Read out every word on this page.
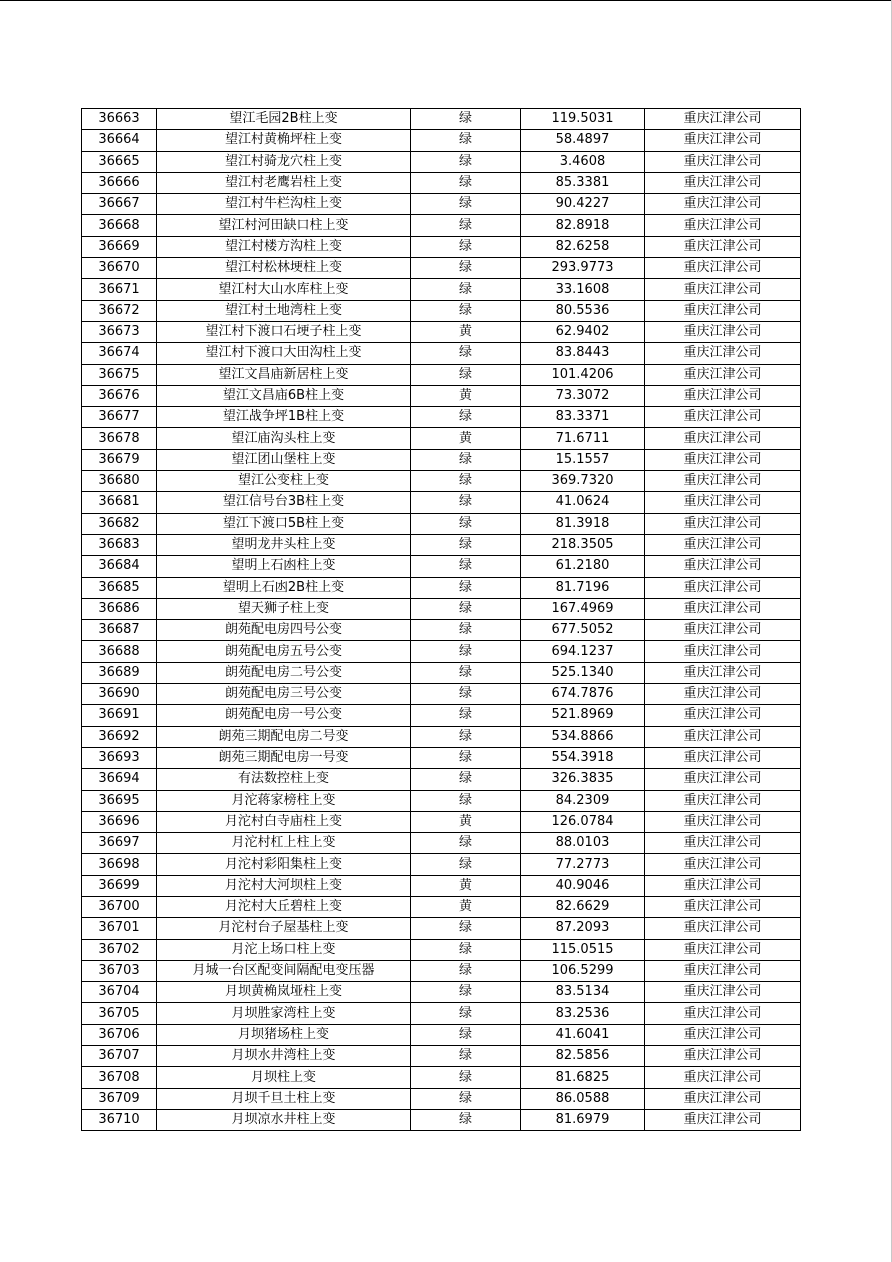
36663	望江毛园2B柱上变	绿	119.5031	重庆江津公司
36664	望江村黄桷坪柱上变	绿	58.4897	重庆江津公司
36665	望江村骑龙穴柱上变	绿	3.4608	重庆江津公司
36666	望江村老鹰岩柱上变	绿	85.3381	重庆江津公司
36667	望江村牛栏沟柱上变	绿	90.4227	重庆江津公司
36668	望江村河田缺口柱上变	绿	82.8918	重庆江津公司
36669	望江村楼方沟柱上变	绿	82.6258	重庆江津公司
36670	望江村松林埂柱上变	绿	293.9773	重庆江津公司
36671	望江村大山水库柱上变	绿	33.1608	重庆江津公司
36672	望江村土地湾柱上变	绿	80.5536	重庆江津公司
36673	望江村下渡口石埂子柱上变	黄	62.9402	重庆江津公司
36674	望江村下渡口大田沟柱上变	绿	83.8443	重庆江津公司
36675	望江文昌庙新居柱上变	绿	101.4206	重庆江津公司
36676	望江文昌庙6B柱上变	黄	73.3072	重庆江津公司
36677	望江战争坪1B柱上变	绿	83.3371	重庆江津公司
36678	望江庙沟头柱上变	黄	71.6711	重庆江津公司
36679	望江团山堡柱上变	绿	15.1557	重庆江津公司
36680	望江公变柱上变	绿	369.7320	重庆江津公司
36681	望江信号台3B柱上变	绿	41.0624	重庆江津公司
36682	望江下渡口5B柱上变	绿	81.3918	重庆江津公司
36683	望明龙井头柱上变	绿	218.3505	重庆江津公司
36684	望明上石凼柱上变	绿	61.2180	重庆江津公司
36685	望明上石凼2B柱上变	绿	81.7196	重庆江津公司
36686	望天狮子柱上变	绿	167.4969	重庆江津公司
36687	朗苑配电房四号公变	绿	677.5052	重庆江津公司
36688	朗苑配电房五号公变	绿	694.1237	重庆江津公司
36689	朗苑配电房二号公变	绿	525.1340	重庆江津公司
36690	朗苑配电房三号公变	绿	674.7876	重庆江津公司
36691	朗苑配电房一号公变	绿	521.8969	重庆江津公司
36692	朗苑三期配电房二号变	绿	534.8866	重庆江津公司
36693	朗苑三期配电房一号变	绿	554.3918	重庆江津公司
36694	有法数控柱上变	绿	326.3835	重庆江津公司
36695	月沱蒋家榜柱上变	绿	84.2309	重庆江津公司
36696	月沱村白寺庙柱上变	黄	126.0784	重庆江津公司
36697	月沱村杠上柱上变	绿	88.0103	重庆江津公司
36698	月沱村彩阳集柱上变	绿	77.2773	重庆江津公司
36699	月沱村大河坝柱上变	黄	40.9046	重庆江津公司
36700	月沱村大丘碧柱上变	黄	82.6629	重庆江津公司
36701	月沱村台子屋基柱上变	绿	87.2093	重庆江津公司
36702	月沱上场口柱上变	绿	115.0515	重庆江津公司
36703	月城一台区配变间隔配电变压器	绿	106.5299	重庆江津公司
36704	月坝黄桷岚垭柱上变	绿	83.5134	重庆江津公司
36705	月坝胜家湾柱上变	绿	83.2536	重庆江津公司
36706	月坝猪场柱上变	绿	41.6041	重庆江津公司
36707	月坝水井湾柱上变	绿	82.5856	重庆江津公司
36708	月坝柱上变	绿	81.6825	重庆江津公司
36709	月坝千旦土柱上变	绿	86.0588	重庆江津公司
36710	月坝凉水井柱上变	绿	81.6979	重庆江津公司
